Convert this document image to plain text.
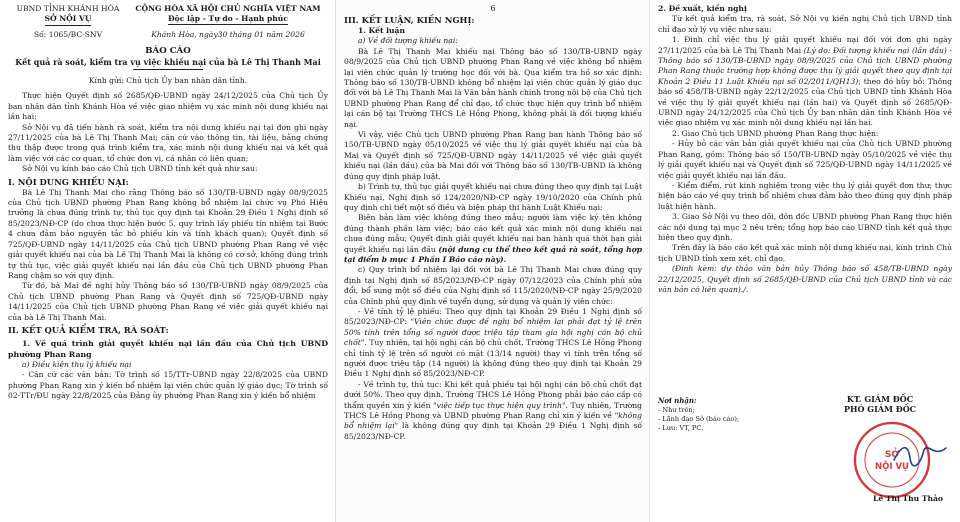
UBND TỈNH KHÁNH HÒA
SỞ NỘI VỤ
CỘNG HÒA XÃ HỘI CHỦ NGHĨA VIỆT NAM
Độc lập - Tự do - Hạnh phúc
Số: 1065/BC-SNV	Khánh Hòa, ngày30 tháng 01 năm 2026
BÁO CÁO
Kết quả rà soát, kiểm tra vụ việc khiếu nại của bà Lê Thị Thanh Mai

Kính gửi: Chủ tịch Ủy ban nhân dân tỉnh.

Thực hiện Quyết định số 2685/QĐ-UBND ngày 24/12/2025 của Chủ tịch Ủy ban nhân dân tỉnh Khánh Hòa về việc giao nhiệm vụ xác minh nội dung khiếu nại lần hai;

Sở Nội vụ đã tiến hành rà soát, kiểm tra nội dung khiếu nại tại đơn ghi ngày 27/11/2025 của bà Lê Thị Thanh Mai; căn cứ vào thông tin, tài liệu, bằng chứng thu thập được trong quá trình kiểm tra, xác minh nội dung khiếu nại và kết quả làm việc với các cơ quan, tổ chức đơn vị, cá nhân có liên quan;

Sở Nội vụ kính báo cáo Chủ tịch UBND tỉnh kết quả như sau:

I. NỘI DUNG KHIẾU NẠI:

Bà Lê Thị Thanh Mai cho rằng Thông báo số 130/TB-UBND ngày 08/9/2025 của Chủ tịch UBND phường Phan Rang không bổ nhiệm lại chức vụ Phó Hiệu trưởng là chưa đúng trình tự, thủ tục quy định tại Khoản 29 Điều 1 Nghị định số 85/2023/NĐ-CP (do chưa thực hiện bước 5, quy trình lấy phiếu tín nhiệm tại Bước 4 chưa đảm bảo nguyên tắc bỏ phiếu kín và tính khách quan); Quyết định số 725/QĐ-UBND ngày 14/11/2025 của Chủ tịch UBND phường Phan Rang về việc giải quyết khiếu nại của bà Lê Thị Thanh Mai là không có cơ sở, không đúng trình tự thủ tục, việc giải quyết khiếu nại lần đầu của Chủ tịch UBND phường Phan Rang chậm so với quy định.

Từ đó, bà Mai đề nghị hủy Thông báo số 130/TB-UBND ngày 08/9/2025 của Chủ tịch UBND phường Phan Rang và Quyết định số 725/QĐ-UBND ngày 14/11/2025 của Chủ tịch UBND phường Phan Rang về việc giải quyết khiếu nại của bà Lê Thị Thanh Mai.

II. KẾT QUẢ KIỂM TRA, RÀ SOÁT:

1. Về quá trình giải quyết khiếu nại lần đầu của Chủ tịch UBND phường Phan Rang

a) Điều kiện thụ lý khiếu nại

- Căn cứ các văn bản: Tờ trình số 15/TTr-UBND ngày 22/8/2025 của UBND phường Phan Rang xin ý kiến bổ nhiệm lại viên chức quản lý giáo dục; Tờ trình số 02-TTr/ĐU ngày 22/8/2025 của Đảng ủy phường Phan Rang xin ý kiến bổ nhiệm

6

III. KẾT LUẬN, KIẾN NGHỊ:

1. Kết luận

a) Về đối tượng khiếu nại:

Bà Lê Thị Thanh Mai khiếu nại Thông báo số 130/TB-UBND ngày 08/9/2025 của Chủ tịch UBND phường Phan Rang về việc không bổ nhiệm lại viên chức quản lý trường học đối với bà. Qua kiểm tra hồ sơ xác định: Thông báo số 130/TB-UBND không bổ nhiệm lại viên chức quản lý giáo dục đối với bà Lê Thị Thanh Mai là Văn bản hành chính trong nội bộ của Chủ tịch UBND phường Phan Rang để chỉ đạo, tổ chức thực hiện quy trình bổ nhiệm lại cán bộ tại Trường THCS Lê Hồng Phong, không phải là đối tượng khiếu nại.

Vì vậy, việc Chủ tịch UBND phường Phan Rang ban hành Thông báo số 150/TB-UBND ngày 05/10/2025 về việc thụ lý giải quyết khiếu nại của bà Mai và Quyết định số 725/QĐ-UBND ngày 14/11/2025 về việc giải quyết khiếu nại (lần đầu) của bà Mai đối với Thông báo số 130/TB-UBND là không đúng quy định pháp luật.

b) Trình tự, thủ tục giải quyết khiếu nại chưa đúng theo quy định tại Luật Khiếu nại, Nghị định số 124/2020/NĐ-CP ngày 19/10/2020 của Chính phủ quy định chi tiết một số điều và biện pháp thi hành Luật Khiếu nại:

Biên bản làm việc không đúng theo mẫu; người làm việc ký tên không đúng thành phần làm việc; báo cáo kết quả xác minh nội dung khiếu nại chưa đúng mẫu; Quyết định giải quyết khiếu nại ban hành quá thời hạn giải quyết khiếu nại lần đầu (nội dung cụ thể theo kết quả rà soát, tổng hợp tại điểm b mục 1 Phần I Báo cáo này).

c) Quy trình bổ nhiệm lại đối với bà Lê Thị Thanh Mai chưa đúng quy định tại Nghị định số 85/2023/NĐ-CP ngày 07/12/2023 của Chính phủ sửa đổi, bổ sung một số điều của Nghị định số 115/2020/NĐ-CP ngày 25/9/2020 của Chính phủ quy định về tuyển dụng, sử dụng và quản lý viên chức:

- Về tính tỷ lệ phiếu: Theo quy định tại Khoản 29 Điều 1 Nghị định số 85/2023/NĐ-CP: "Viên chức được đề nghị bổ nhiệm lại phải đạt tỷ lệ trên 50% tính trên tổng số người được triệu tập tham gia hội nghị cán bộ chủ chốt". Tuy nhiên, tại hội nghị cán bộ chủ chốt, Trường THCS Lê Hồng Phong chỉ tính tỷ lệ trên số người có mặt (13/14 người) thay vì tính trên tổng số người được triệu tập (14 người) là không đúng theo quy định tại Khoản 29 Điều 1 Nghị định số 85/2023/NĐ-CP.

- Về trình tự, thủ tục: Khi kết quả phiếu tại hội nghị cán bộ chủ chốt đạt dưới 50%. Theo quy định, Trường THCS Lê Hồng Phong phải báo cáo cấp có thẩm quyền xin ý kiến "việc tiếp tục thực hiện quy trình". Tuy nhiên, Trường THCS Lê Hồng Phong và UBND phường Phan Rang chỉ xin ý kiến về "không bổ nhiệm lại" là không đúng quy định tại Khoản 29 Điều 1 Nghị định số 85/2023/NĐ-CP.

2. Đề xuất, kiến nghị

Từ kết quả kiểm tra, rà soát, Sở Nội vụ kiến nghị Chủ tịch UBND tỉnh chỉ đạo xử lý vụ việc như sau:

1. Đình chỉ việc thụ lý giải quyết khiếu nại đối với đơn ghi ngày 27/11/2025 của bà Lê Thị Thanh Mai (Lý do: Đối tượng khiếu nại (lần đầu) - Thông báo số 130/TB-UBND ngày 08/9/2025 của Chủ tịch UBND phường Phan Rang thuộc trường hợp không được thụ lý giải quyết theo quy định tại Khoản 2 Điều 11 Luật Khiếu nại số 02/2011/QH13); theo đó hủy bỏ: Thông báo số 458/TB-UBND ngày 22/12/2025 của Chủ tịch UBND tỉnh Khánh Hòa về việc thụ lý giải quyết khiếu nại (lần hai) và Quyết định số 2685/QĐ-UBND ngày 24/12/2025 của Chủ tịch Ủy ban nhân dân tỉnh Khánh Hòa về việc giao nhiệm vụ xác minh nội dung khiếu nại lần hai.

2. Giao Chủ tịch UBND phường Phan Rang thực hiện:

- Hủy bỏ các văn bản giải quyết khiếu nại của Chủ tịch UBND phường Phan Rang, gồm: Thông báo số 150/TB-UBND ngày 05/10/2025 về việc thụ lý giải quyết khiếu nại và Quyết định số 725/QĐ-UBND ngày 14/11/2025 về việc giải quyết khiếu nại lần đầu.

- Kiểm điểm, rút kinh nghiệm trong việc thụ lý giải quyết đơn thư; thực hiện báo cáo về quy trình bổ nhiệm chưa đảm bảo theo đúng quy định pháp luật hiện hành.

3. Giao Sở Nội vụ theo dõi, đôn đốc UBND phường Phan Rang thực hiện các nội dung tại mục 2 nêu trên; tổng hợp báo cáo UBND tỉnh kết quả thực hiện theo quy định.

Trên đây là báo cáo kết quả xác minh nội dung khiếu nại, kính trình Chủ tịch UBND tỉnh xem xét, chỉ đạo.

(Đính kèm: dự thảo văn bản hủy Thông báo số 458/TB-UBND ngày 22/12/2025, Quyết định số 2685/QĐ-UBND của Chủ tịch UBND tỉnh và các văn bản có liên quan)./.

Nơi nhận:

- Như trên;

- Lãnh đạo Sở (báo cáo);

- Lưu: VT, PC.

KT. GIÁM ĐỐC

PHÓ GIÁM ĐỐC

SỞ
NỘI VỤ

Lê Thị Thu Thảo
